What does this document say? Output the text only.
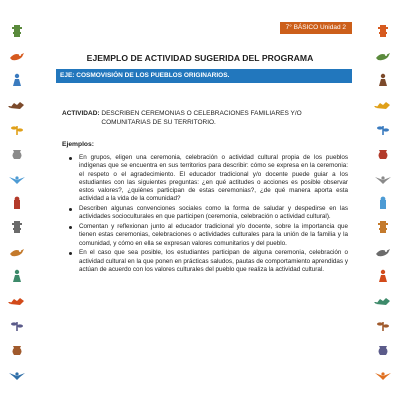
7° BÁSICO Unidad 2
EJEMPLO DE ACTIVIDAD SUGERIDA DEL PROGRAMA
EJE: COSMOVISIÓN DE LOS PUEBLOS ORIGINARIOS.
ACTIVIDAD: DESCRIBEN CEREMONIAS O CELEBRACIONES FAMILIARES Y/O COMUNITARIAS DE SU TERRITORIO.
Ejemplos:
En grupos, eligen una ceremonia, celebración o actividad cultural propia de los pueblos indígenas que se encuentra en sus territorios para describir: cómo se expresa en la ceremonia: el respeto o el agradecimiento. El educador tradicional y/o docente puede guiar a los estudiantes con las siguientes preguntas: ¿en qué actitudes o acciones es posible observar estos valores?, ¿quiénes participan de estas ceremonias?, ¿de qué manera aporta esta actividad a la vida de la comunidad?
Describen algunas convenciones sociales como la forma de saludar y despedirse en las actividades socioculturales en que participen (ceremonia, celebración o actividad cultural).
Comentan y reflexionan junto al educador tradicional y/o docente, sobre la importancia que tienen estas ceremonias, celebraciones o actividades culturales para la unión de la familia y la comunidad, y cómo en ella se expresan valores comunitarios y del pueblo.
En el caso que sea posible, los estudiantes participan de alguna ceremonia, celebración o actividad cultural en la que ponen en prácticas saludos, pautas de comportamiento aprendidas y actúan de acuerdo con los valores culturales del pueblo que realiza la actividad cultural.
